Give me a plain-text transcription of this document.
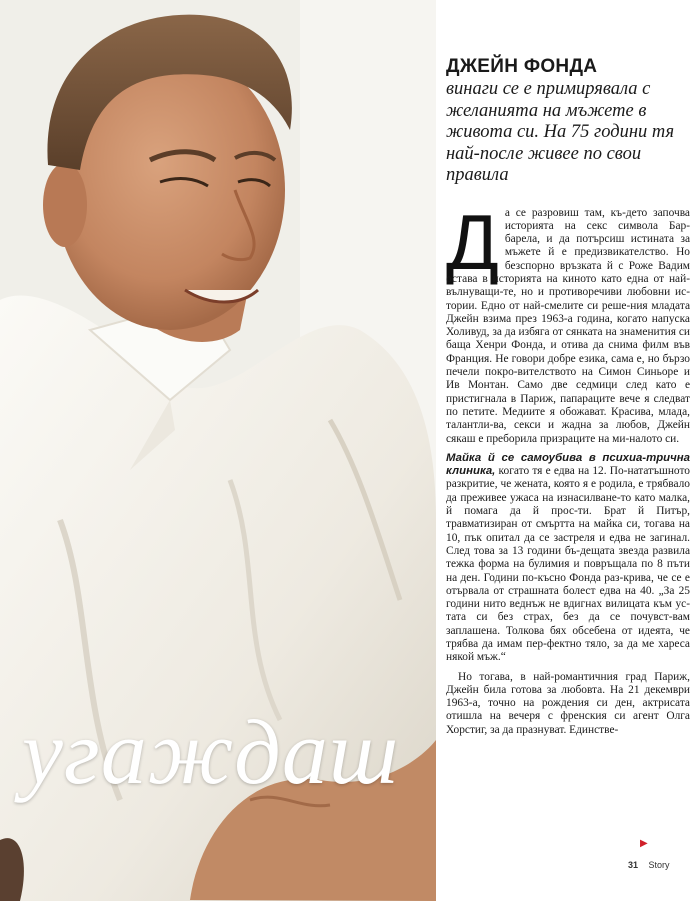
угаждаш
ДЖЕЙН ФОНДА

винаги се е примирявала с желанията на мъжете в живота си. На 75 години тя най-после живее по свои правила

Да се разровиш там, къ-дето започва историята на секс символа Бар-барела, и да потърсиш истината за мъжете й е предизвикателство. Но безспорно връзката й с Роже Вадим остава в историята на киното като една от най-вълнуващи-те, но и противоречиви любовни ис-тории. Едно от най-смелите си реше-ния младата Джейн взима през 1963-а година, когато напуска Холивуд, за да избяга от сянката на знаменития си баща Хенри Фонда, и отива да снима филм във Франция. Не говори добре езика, сама е, но бързо печели покро-вителството на Симон Синьоре и Ив Монтан. Само две седмици след като е пристигнала в Париж, папараците вече я следват по петите. Медиите я обожават. Красива, млада, талантли-ва, секси и жадна за любов, Джейн сякаш е преборила призраците на ми-налото си.

Майка й се самоубива в психиа-трична клиника, когато тя е едва на 12. По-нататъшното разкритие, че жената, която я е родила, е трябвало да преживее ужаса на изнасилване-то като малка, й помага да й прос-ти. Брат й Питър, травматизиран от смъртта на майка си, тогава на 10, пък опитал да се застреля и едва не загинал. След това за 13 години бъ-дещата звезда развила тежка форма на булимия и повръщала по 8 пъти на ден. Години по-късно Фонда раз-крива, че се е отървала от страшната болест едва на 40. „За 25 години нито веднъж не вдигнах вилицата към ус-тата си без страх, без да се почувст-вам заплашена. Толкова бях обсебена от идеята, че трябва да имам пер-фектно тяло, за да ме хареса някой мъж.“

Но тогава, в най-романтичния град Париж, Джейн била готова за любовта. На 21 декември 1963-а, точно на рождения си ден, актрисата отишла на вечеря с френския си агент Олга Хорстиг, за да празнуват. Единстве-

▶
31 Story
